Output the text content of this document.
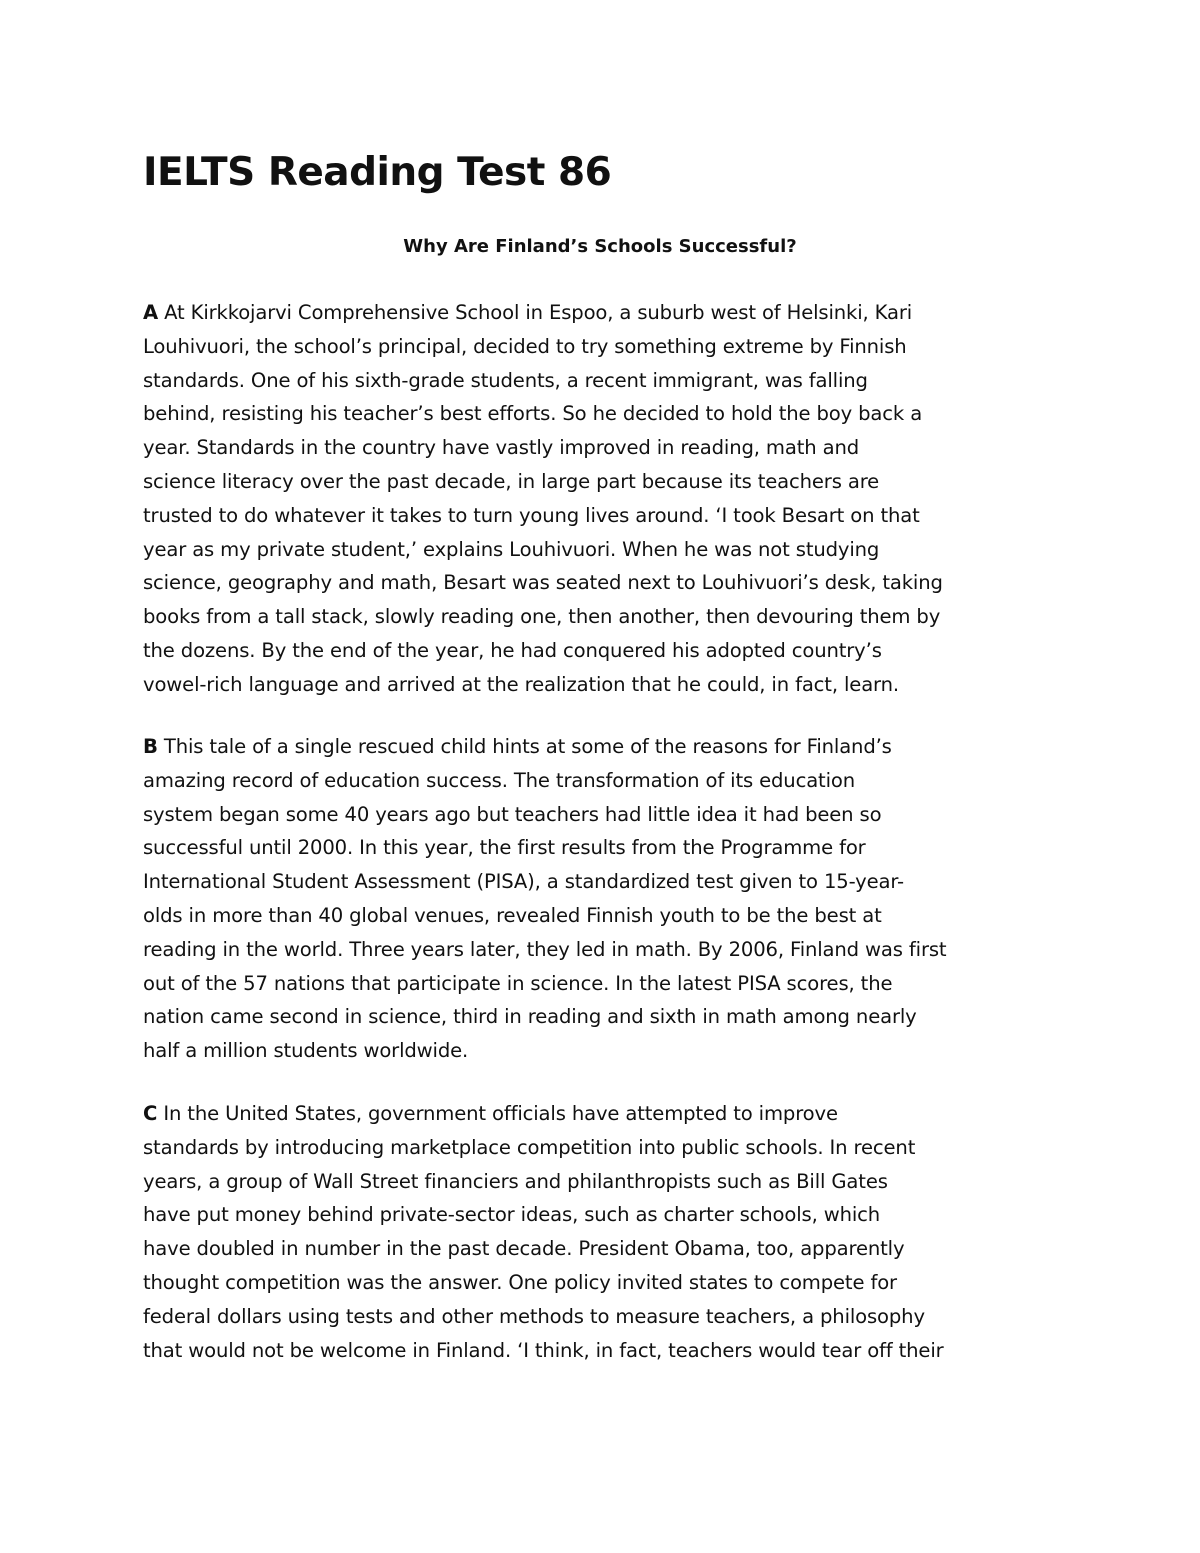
IELTS Reading Test 86
Why Are Finland’s Schools Successful?
A At Kirkkojarvi Comprehensive School in Espoo, a suburb west of Helsinki, Kari
Louhivuori, the school’s principal, decided to try something extreme by Finnish
standards. One of his sixth-grade students, a recent immigrant, was falling
behind, resisting his teacher’s best efforts. So he decided to hold the boy back a
year. Standards in the country have vastly improved in reading, math and
science literacy over the past decade, in large part because its teachers are
trusted to do whatever it takes to turn young lives around. ‘I took Besart on that
year as my private student,’ explains Louhivuori. When he was not studying
science, geography and math, Besart was seated next to Louhivuori’s desk, taking
books from a tall stack, slowly reading one, then another, then devouring them by
the dozens. By the end of the year, he had conquered his adopted country’s
vowel-rich language and arrived at the realization that he could, in fact, learn.
B This tale of a single rescued child hints at some of the reasons for Finland’s
amazing record of education success. The transformation of its education
system began some 40 years ago but teachers had little idea it had been so
successful until 2000. In this year, the first results from the Programme for
International Student Assessment (PISA), a standardized test given to 15-year-
olds in more than 40 global venues, revealed Finnish youth to be the best at
reading in the world. Three years later, they led in math. By 2006, Finland was first
out of the 57 nations that participate in science. In the latest PISA scores, the
nation came second in science, third in reading and sixth in math among nearly
half a million students worldwide.
C In the United States, government officials have attempted to improve
standards by introducing marketplace competition into public schools. In recent
years, a group of Wall Street financiers and philanthropists such as Bill Gates
have put money behind private-sector ideas, such as charter schools, which
have doubled in number in the past decade. President Obama, too, apparently
thought competition was the answer. One policy invited states to compete for
federal dollars using tests and other methods to measure teachers, a philosophy
that would not be welcome in Finland. ‘I think, in fact, teachers would tear off their
